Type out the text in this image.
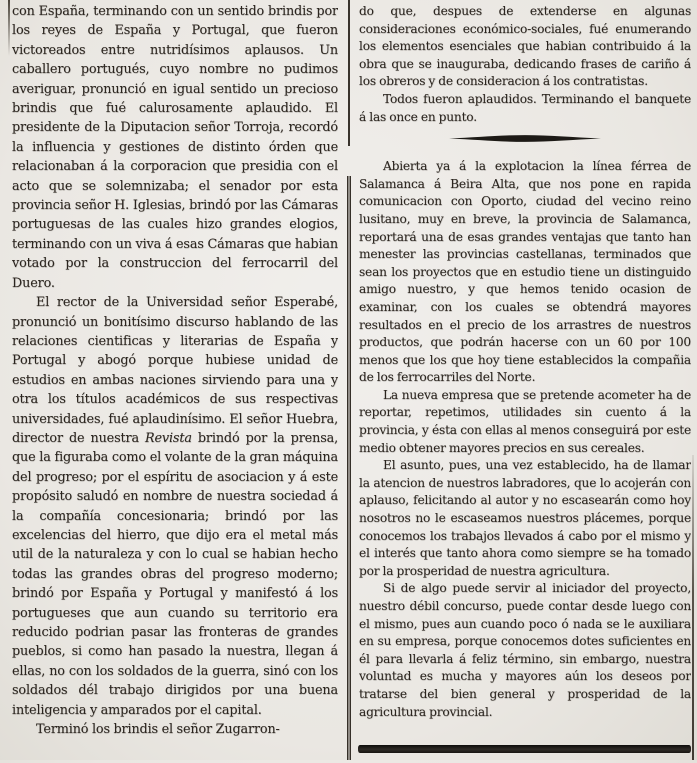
con España, terminando con un sentido brindis por los reyes de España y Portugal, que fueron victoreados entre nutridísimos aplausos. Un caballero portugués, cuyo nombre no pudimos averiguar, pronunció en igual sentido un precioso brindis que fué calurosamente aplaudido. El presidente de la Diputacion señor Torroja, recordó la influencia y gestiones de distinto órden que relacionaban á la corporacion que presidia con el acto que se solemnizaba; el senador por esta provincia señor H. Iglesias, brindó por las Cámaras portuguesas de las cuales hizo grandes elogios, terminando con un viva á esas Cámaras que habian votado por la construccion del ferrocarril del Duero.

El rector de la Universidad señor Esperabé, pronunció un bonitísimo discurso hablando de las relaciones cientificas y literarias de España y Portugal y abogó porque hubiese unidad de estudios en ambas naciones sirviendo para una y otra los títulos académicos de sus respectivas universidades, fué aplaudinísimo. El señor Huebra, director de nuestra Revista brindó por la prensa, que la figuraba como el volante de la gran máquina del progreso; por el espíritu de asociacion y á este propósito saludó en nombre de nuestra sociedad á la compañía concesionaria; brindó por las excelencias del hierro, que dijo era el metal más util de la naturaleza y con lo cual se habian hecho todas las grandes obras del progreso moderno; brindó por España y Portugal y manifestó á los portugueses que aun cuando su territorio era reducido podrian pasar las fronteras de grandes pueblos, si como han pasado la nuestra, llegan á ellas, no con los soldados de la guerra, sinó con los soldados dél trabajo dirigidos por una buena inteligencia y amparados por el capital.

Terminó los brindis el señor Zugarron-

do que, despues de extenderse en algunas consideraciones económico-sociales, fué enumerando los elementos esenciales que habian contribuido á la obra que se inauguraba, dedicando frases de cariño á los obreros y de consideracion á los contratistas.

Todos fueron aplaudidos. Terminando el banquete á las once en punto.

Abierta ya á la explotacion la línea férrea de Salamanca á Beira Alta, que nos pone en rapida comunicacion con Oporto, ciudad del vecino reino lusitano, muy en breve, la provincia de Salamanca, reportará una de esas grandes ventajas que tanto han menester las provincias castellanas, terminados que sean los proyectos que en estudio tiene un distinguido amigo nuestro, y que hemos tenido ocasion de examinar, con los cuales se obtendrá mayores resultados en el precio de los arrastres de nuestros productos, que podrán hacerse con un 60 por 100 menos que los que hoy tiene establecidos la compañia de los ferrocarriles del Norte.

La nueva empresa que se pretende acometer ha de reportar, repetimos, utilidades sin cuento á la provincia, y ésta con ellas al menos conseguirá por este medio obtener mayores precios en sus cereales.

El asunto, pues, una vez establecido, ha de llamar la atencion de nuestros labradores, que lo acojerán con aplauso, felicitando al autor y no escasearán como hoy nosotros no le escaseamos nuestros plácemes, porque conocemos los trabajos llevados á cabo por el mismo y el interés que tanto ahora como siempre se ha tomado por la prosperidad de nuestra agricultura.

Si de algo puede servir al iniciador del proyecto, nuestro débil concurso, puede contar desde luego con el mismo, pues aun cuando poco ó nada se le auxiliara en su empresa, porque conocemos dotes suficientes en él para llevarla á feliz término, sin embargo, nuestra voluntad es mucha y mayores aún los deseos por tratarse del bien general y prosperidad de la agricultura provincial.
